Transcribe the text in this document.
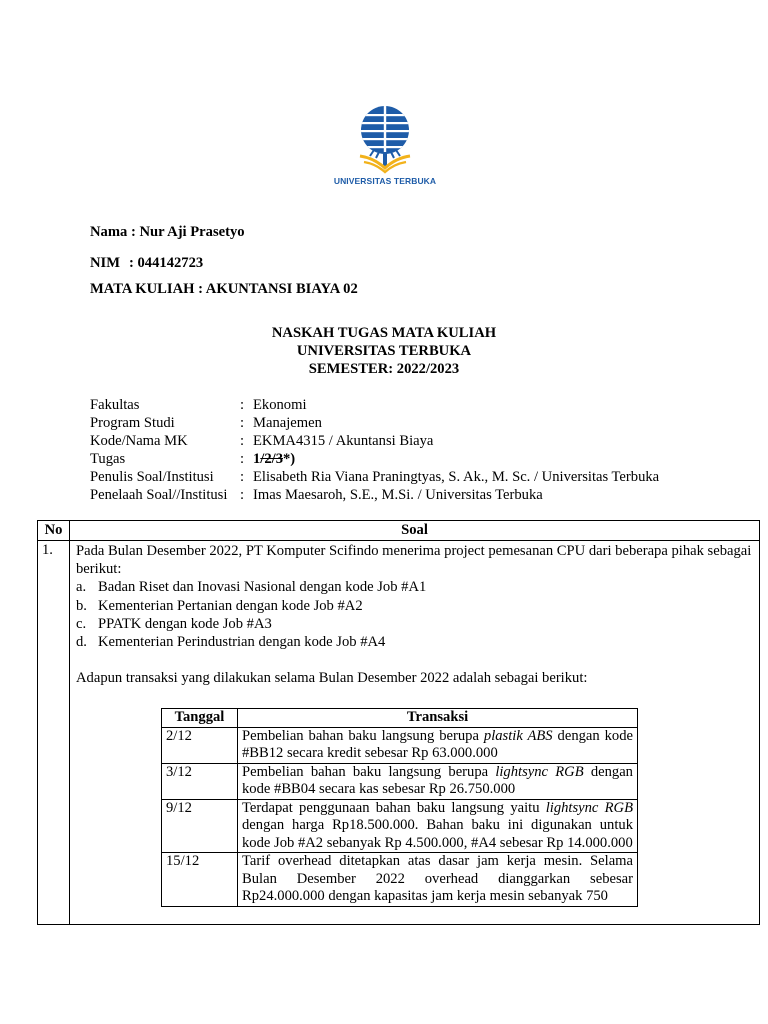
UNIVERSITAS TERBUKA
Nama : Nur Aji Prasetyo
NIM : 044142723
MATA KULIAH : AKUNTANSI BIAYA 02
NASKAH TUGAS MATA KULIAH
UNIVERSITAS TERBUKA
SEMESTER: 2022/2023
Fakultas	: Ekonomi
Program Studi	: Manajemen
Kode/Nama MK	: EKMA4315 / Akuntansi Biaya
Tugas	: 1/2/3*)
Penulis Soal/Institusi : Elisabeth Ria Viana Praningtyas, S. Ak., M. Sc. / Universitas Terbuka
Penelaah Soal//Institusi : Imas Maesaroh, S.E., M.Si. / Universitas Terbuka
No	Soal
1. Pada Bulan Desember 2022, PT Komputer Scifindo menerima project pemesanan CPU dari beberapa pihak sebagai berikut:

a. Badan Riset dan Inovasi Nasional dengan kode Job #A1
b. Kementerian Pertanian dengan kode Job #A2
c. PPATK dengan kode Job #A3
d. Kementerian Perindustrian dengan kode Job #A4

Adapun transaksi yang dilakukan selama Bulan Desember 2022 adalah sebagai berikut:

Tanggal	Transaksi
2/12	Pembelian bahan baku langsung berupa plastik ABS dengan kode #BB12 secara kredit sebesar Rp 63.000.000
3/12	Pembelian bahan baku langsung berupa lightsync RGB dengan kode #BB04 secara kas sebesar Rp 26.750.000
9/12	Terdapat penggunaan bahan baku langsung yaitu lightsync RGB dengan harga Rp18.500.000. Bahan baku ini digunakan untuk kode Job #A2 sebanyak Rp 4.500.000, #A4 sebesar Rp 14.000.000
15/12	Tarif overhead ditetapkan atas dasar jam kerja mesin. Selama Bulan Desember 2022 overhead dianggarkan sebesar Rp24.000.000 dengan kapasitas jam kerja mesin sebanyak 750
